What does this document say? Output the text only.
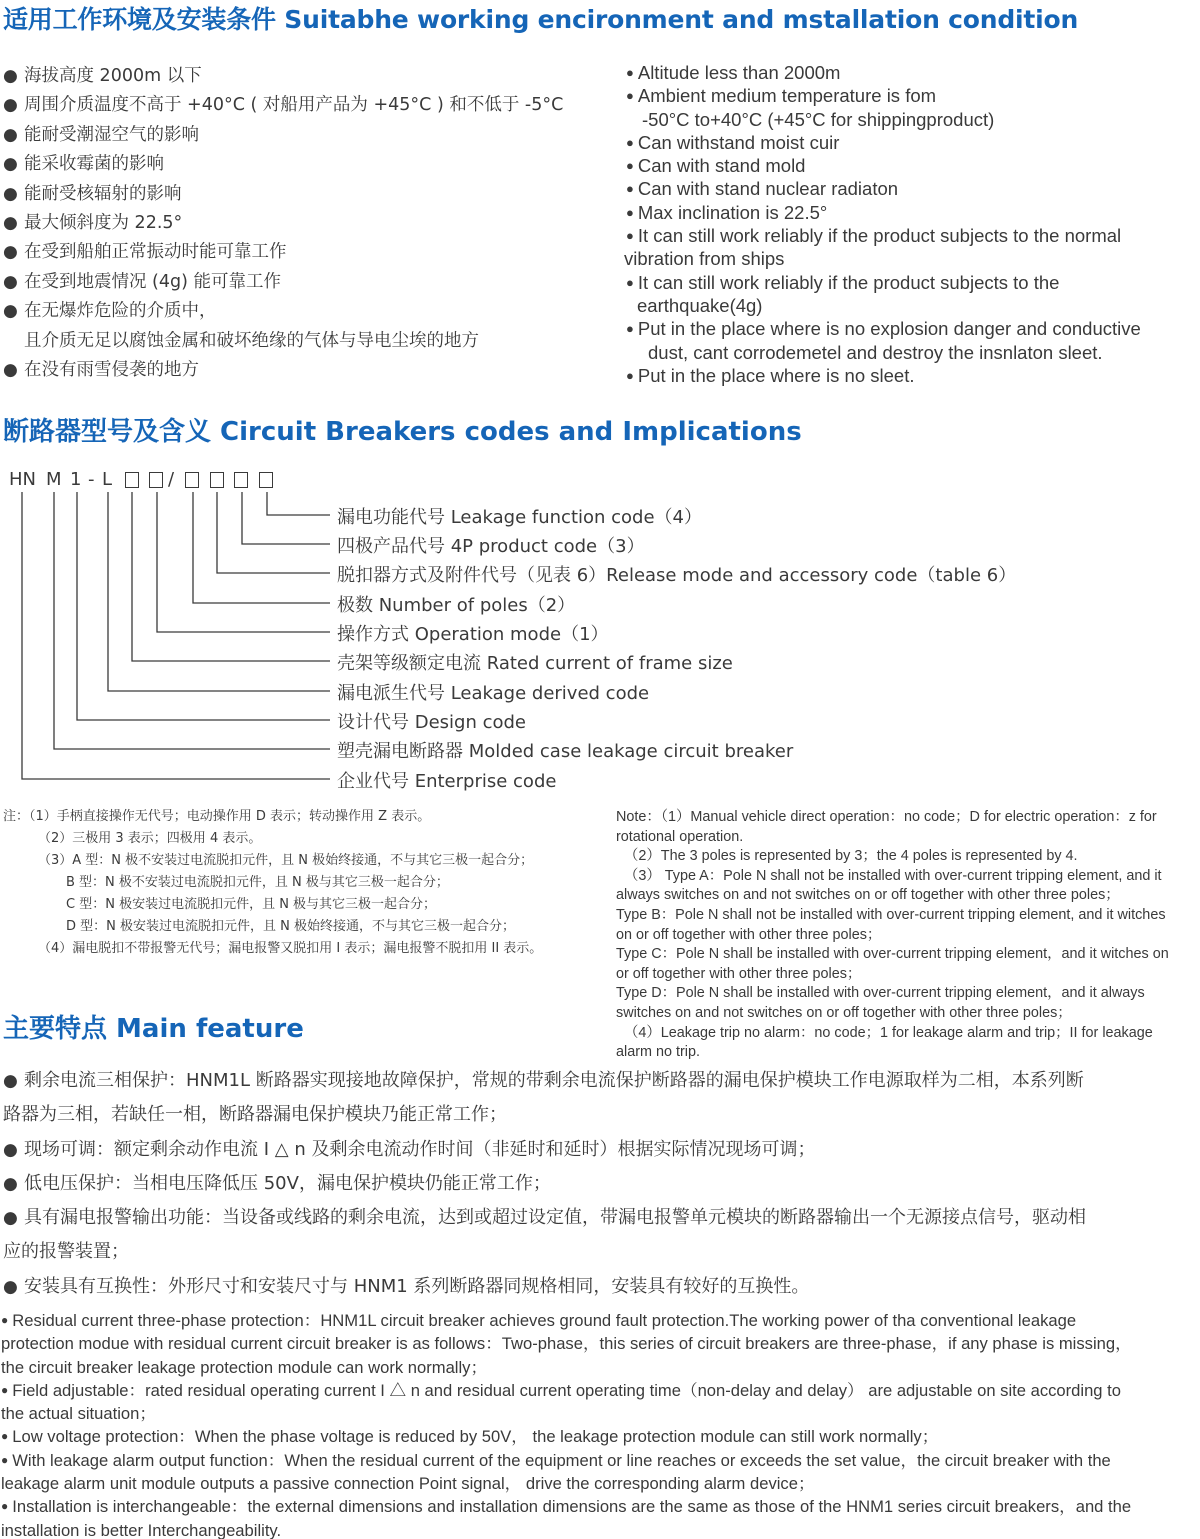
适用工作环境及安装条件 Suitabhe working encironment and mstallation condition
● 海拔高度 2000m 以下
● 周围介质温度不高于 +40°C ( 对船用产品为 +45°C ) 和不低于 -5°C
● 能耐受潮湿空气的影响
● 能采收霉菌的影响
● 能耐受核辐射的影响
● 最大倾斜度为 22.5°
● 在受到船舶正常振动时能可靠工作
● 在受到地震情况 (4g) 能可靠工作
● 在无爆炸危险的介质中，
且介质无足以腐蚀金属和破坏绝缘的气体与导电尘埃的地方
● 在没有雨雪侵袭的地方
● Altitude less than 2000m
● Ambient medium temperature is fom
-50°C to+40°C (+45°C for shippingproduct)
● Can withstand moist cuir
● Can with stand mold
● Can with stand nuclear radiaton
● Max inclination is 22.5°
● It can still work reliably if the product subjects to the normal
vibration from ships
● It can still work reliably if the product subjects to the
earthquake(4g)
● Put in the place where is no explosion danger and conductive
dust, cant corrodemetel and destroy the insnlaton sleet.
● Put in the place where is no sleet.
断路器型号及含义 Circuit Breakers codes and Implications
HN M 1 - L	/
漏电功能代号 Leakage function code（4）
四极产品代号 4P product code（3）
脱扣器方式及附件代号（见表 6）Release mode and accessory code（table 6）
极数 Number of poles（2）
操作方式 Operation mode（1）
壳架等级额定电流 Rated current of frame size
漏电派生代号 Leakage derived code
设计代号 Design code
塑壳漏电断路器 Molded case leakage circuit breaker
企业代号 Enterprise code
注：（1）手柄直接操作无代号；电动操作用 D 表示；转动操作用 Z 表示。
（2）三极用 3 表示；四极用 4 表示。
（3）A 型：N 极不安装过电流脱扣元件，且 N 极始终接通，不与其它三极一起合分；
B 型：N 极不安装过电流脱扣元件，且 N 极与其它三极一起合分；
C 型：N 极安装过电流脱扣元件，且 N 极与其它三极一起合分；
D 型：N 极安装过电流脱扣元件，且 N 极始终接通，不与其它三极一起合分；
（4）漏电脱扣不带报警无代号；漏电报警又脱扣用 I 表示；漏电报警不脱扣用 II 表示。
Note：（1）Manual vehicle direct operation：no code；D for electric operation：z for
rotational operation.
（2）The 3 poles is represented by 3；the 4 poles is represented by 4.
（3） Type A：Pole N shall not be installed with over-current tripping element, and it
always switches on and not switches on or off together with other three poles；
Type B：Pole N shall not be installed with over-current tripping element, and it witches
on or off together with other three poles；
Type C：Pole N shall be installed with over-current tripping element，and it witches on
or off together with other three poles；
Type D：Pole N shall be installed with over-current tripping element，and it always
switches on and not switches on or off together with other three poles；
（4）Leakage trip no alarm：no code；1 for leakage alarm and trip；II for leakage
alarm no trip.
主要特点 Main feature
● 剩余电流三相保护：HNM1L 断路器实现接地故障保护，常规的带剩余电流保护断路器的漏电保护模块工作电源取样为二相，本系列断
路器为三相，若缺任一相，断路器漏电保护模块乃能正常工作；
● 现场可调：额定剩余动作电流 I △ n 及剩余电流动作时间（非延时和延时）根据实际情况现场可调；
● 低电压保护：当相电压降低压 50V，漏电保护模块仍能正常工作；
● 具有漏电报警输出功能：当设备或线路的剩余电流，达到或超过设定值，带漏电报警单元模块的断路器输出一个无源接点信号，驱动相
应的报警装置；
● 安装具有互换性：外形尺寸和安装尺寸与 HNM1 系列断路器同规格相同，安装具有较好的互换性。
● Residual current three-phase protection：HNM1L circuit breaker achieves ground fault protection.The working power of tha conventional leakage
protection modue with residual current circuit breaker is as follows：Two-phase，this series of circuit breakers are three-phase，if any phase is missing，
the circuit breaker leakage protection module can work normally；
● Field adjustable：rated residual operating current I △ n and residual current operating time（non-delay and delay） are adjustable on site according to
the actual situation；
● Low voltage protection：When the phase voltage is reduced by 50V， the leakage protection module can still work normally；
● With leakage alarm output function：When the residual current of the equipment or line reaches or exceeds the set value，the circuit breaker with the
leakage alarm unit module outputs a passive connection Point signal， drive the corresponding alarm device；
● Installation is interchangeable：the external dimensions and installation dimensions are the same as those of the HNM1 series circuit breakers，and the
installation is better Interchangeability.
